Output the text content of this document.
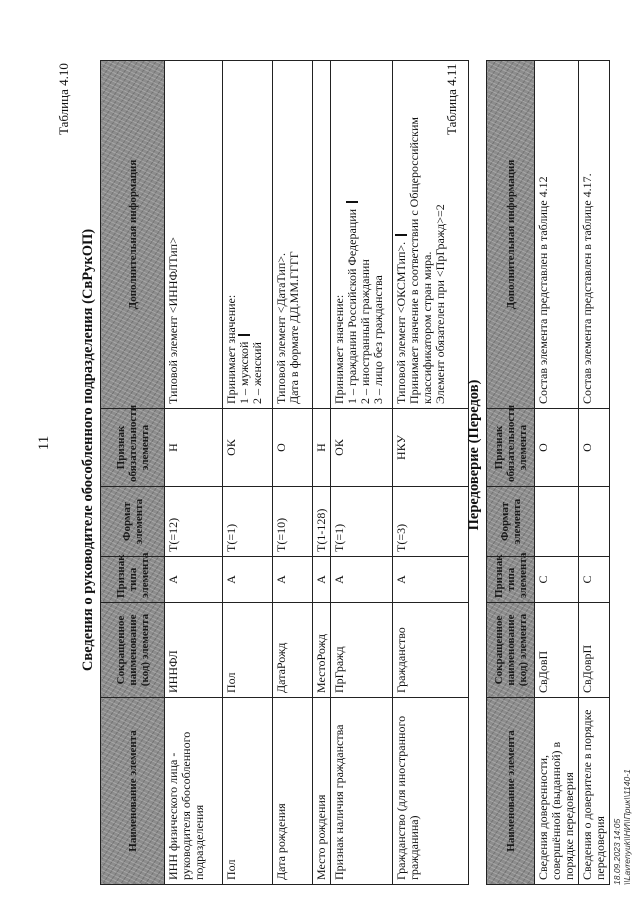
11
Таблица 4.10
Сведения о руководителе обособленного подразделения (СвРукОП)
Наименование элемента	Сокращенное наименование (код) элемента	Признак типа элемента	Формат элемента	Признак обязательности элемента	Дополнительная информация
ИНН физического лица - руководителя обособленного подразделения	ИННФЛ	А	T(=12)	Н	Типовой элемент <ИННФЛТип>

Пол	Пол	А	T(=1)	ОК	Принимает значение: 1 – мужской 2 – женский

Дата рождения	ДатаРожд	А	T(=10)	О	Типовой элемент <ДатаТип>. Дата в формате ДД.ММ.ГГГГ

Место рождения	МестоРожд	А	T(1-128)	Н	
Признак наличия гражданства	ПрГражд	А	T(=1)	ОК	Принимает значение: 1 – гражданин Российской Федерации 2 – иностранный гражданин 3 – лицо без гражданства

Гражданство (для иностранного гражданина)	Гражданство	А	T(=3)	НКУ	Типовой элемент <ОКСМТип>. Принимает значение в соответствии с Общероссийским классификатором стран мира. Элемент обязателен при <ПрГражд>=2
Таблица 4.11
Передоверие (Передов)
Наименование элемента	Сокращенное наименование (код) элемента	Признак типа элемента	Формат элемента	Признак обязательности элемента	Дополнительная информация
Сведения доверенности, совершённой (выданной) в порядке передоверия	СвДовП	С		О	Состав элемента представлен в таблице 4.12
Сведения о доверителе в порядке передоверия	СвДоврП	С		О	Состав элемента представлен в таблице 4.17.
18.09.2023 14:05 \\Lavrenyuk\\НИ\\Прик\\1140-1
